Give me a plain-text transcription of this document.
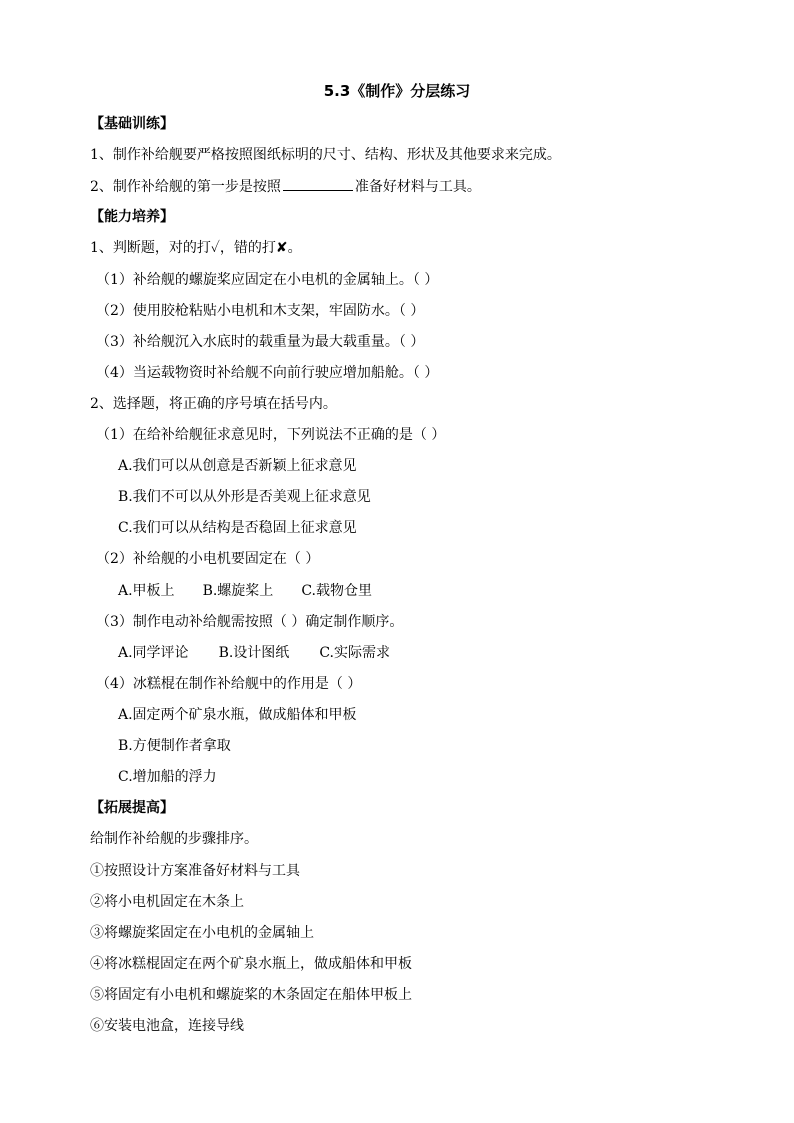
5.3《制作》分层练习
【基础训练】
1、制作补给舰要严格按照图纸标明的尺寸、结构、形状及其他要求来完成。
2、制作补给舰的第一步是按照	准备好材料与工具。
【能力培养】
1、判断题，对的打✓，错的打✘。
（1）补给舰的螺旋桨应固定在小电机的金属轴上。（ ）
（2）使用胶枪粘贴小电机和木支架，牢固防水。（ ）
（3）补给舰沉入水底时的载重量为最大载重量。（ ）
（4）当运载物资时补给舰不向前行驶应增加船舱。（ ）
2、选择题，将正确的序号填在括号内。
（1）在给补给舰征求意见时，下列说法不正确的是（ ）
A.我们可以从创意是否新颖上征求意见
B.我们不可以从外形是否美观上征求意见
C.我们可以从结构是否稳固上征求意见
（2）补给舰的小电机要固定在（ ）
A.甲板上 B.螺旋桨上 C.载物仓里
（3）制作电动补给舰需按照（ ）确定制作顺序。
A.同学评论 B.设计图纸 C.实际需求
（4）冰糕棍在制作补给舰中的作用是（ ）
A.固定两个矿泉水瓶，做成船体和甲板
B.方便制作者拿取
C.增加船的浮力
【拓展提高】
给制作补给舰的步骤排序。
①按照设计方案准备好材料与工具
②将小电机固定在木条上
③将螺旋桨固定在小电机的金属轴上
④将冰糕棍固定在两个矿泉水瓶上，做成船体和甲板
⑤将固定有小电机和螺旋桨的木条固定在船体甲板上
⑥安装电池盒，连接导线
